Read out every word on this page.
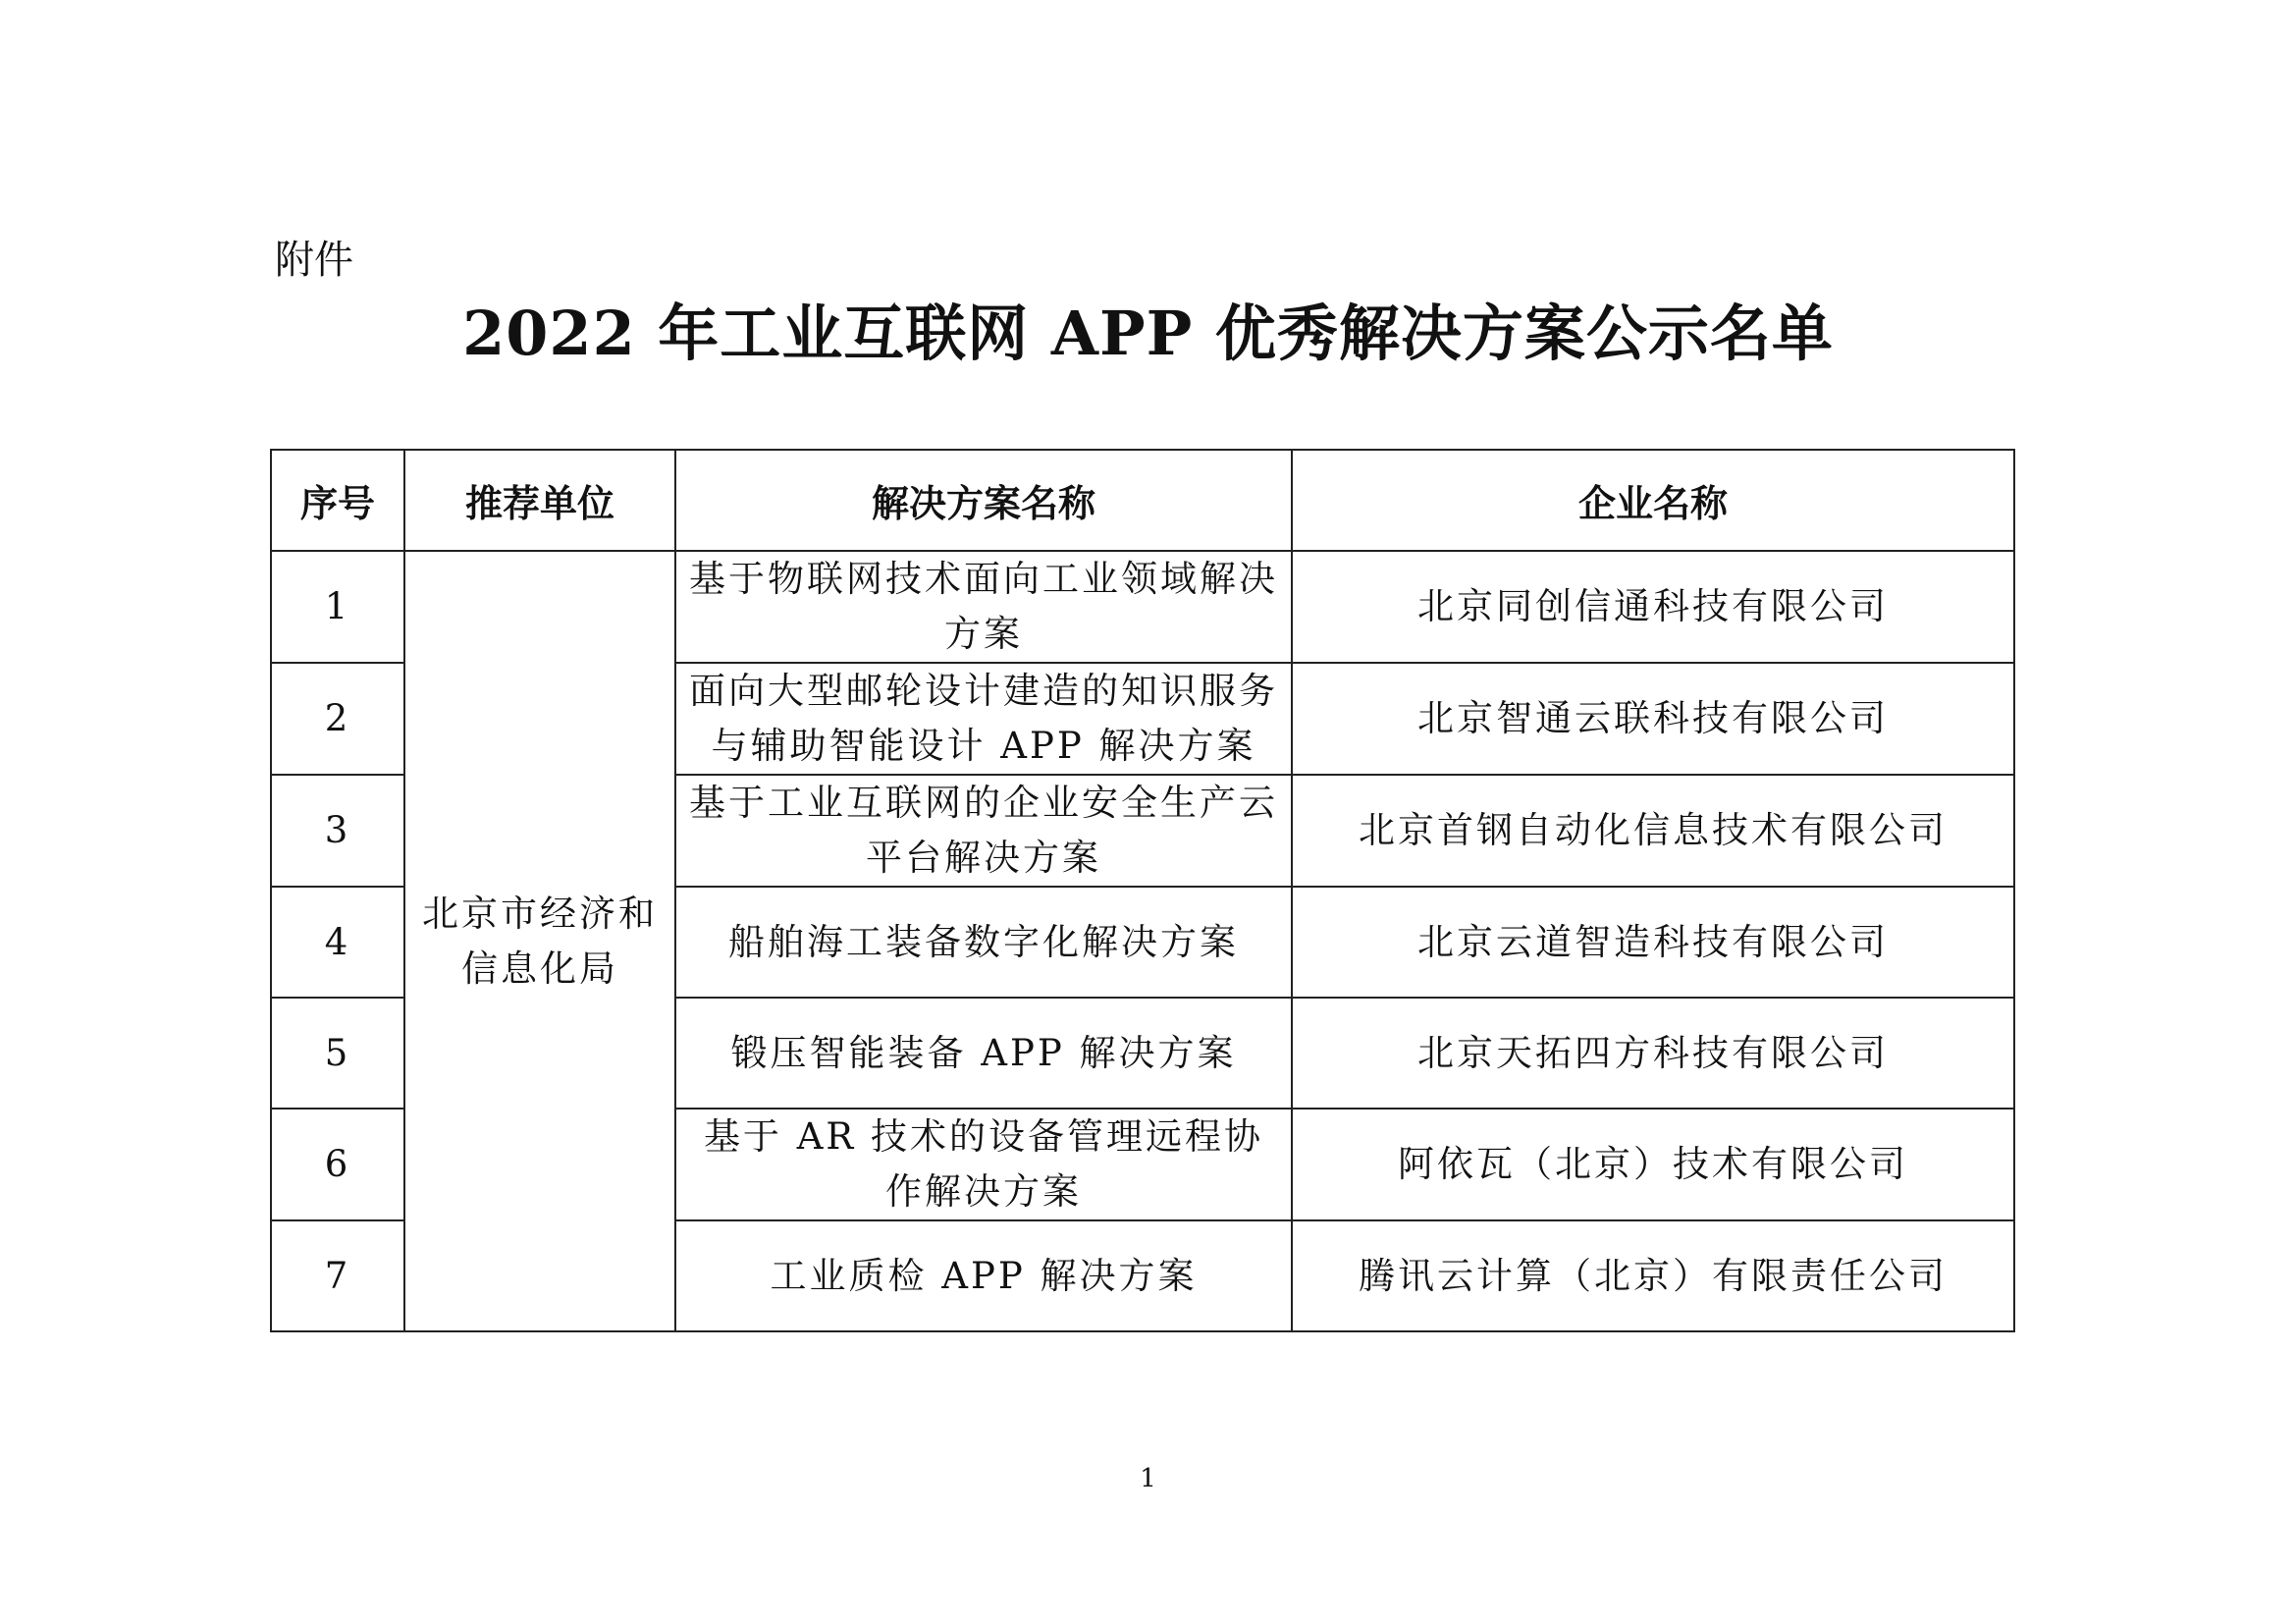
附件
2022 年工业互联网 APP 优秀解决方案公示名单
序号	推荐单位	解决方案名称	企业名称
1	北京市经济和信息化局	基于物联网技术面向工业领域解决方案	北京同创信通科技有限公司
2		面向大型邮轮设计建造的知识服务与辅助智能设计 APP 解决方案	北京智通云联科技有限公司
3		基于工业互联网的企业安全生产云平台解决方案	北京首钢自动化信息技术有限公司
4		船舶海工装备数字化解决方案	北京云道智造科技有限公司
5		锻压智能装备 APP 解决方案	北京天拓四方科技有限公司
6		基于 AR 技术的设备管理远程协作解决方案	阿依瓦（北京）技术有限公司
7		工业质检 APP 解决方案	腾讯云计算（北京）有限责任公司
1
